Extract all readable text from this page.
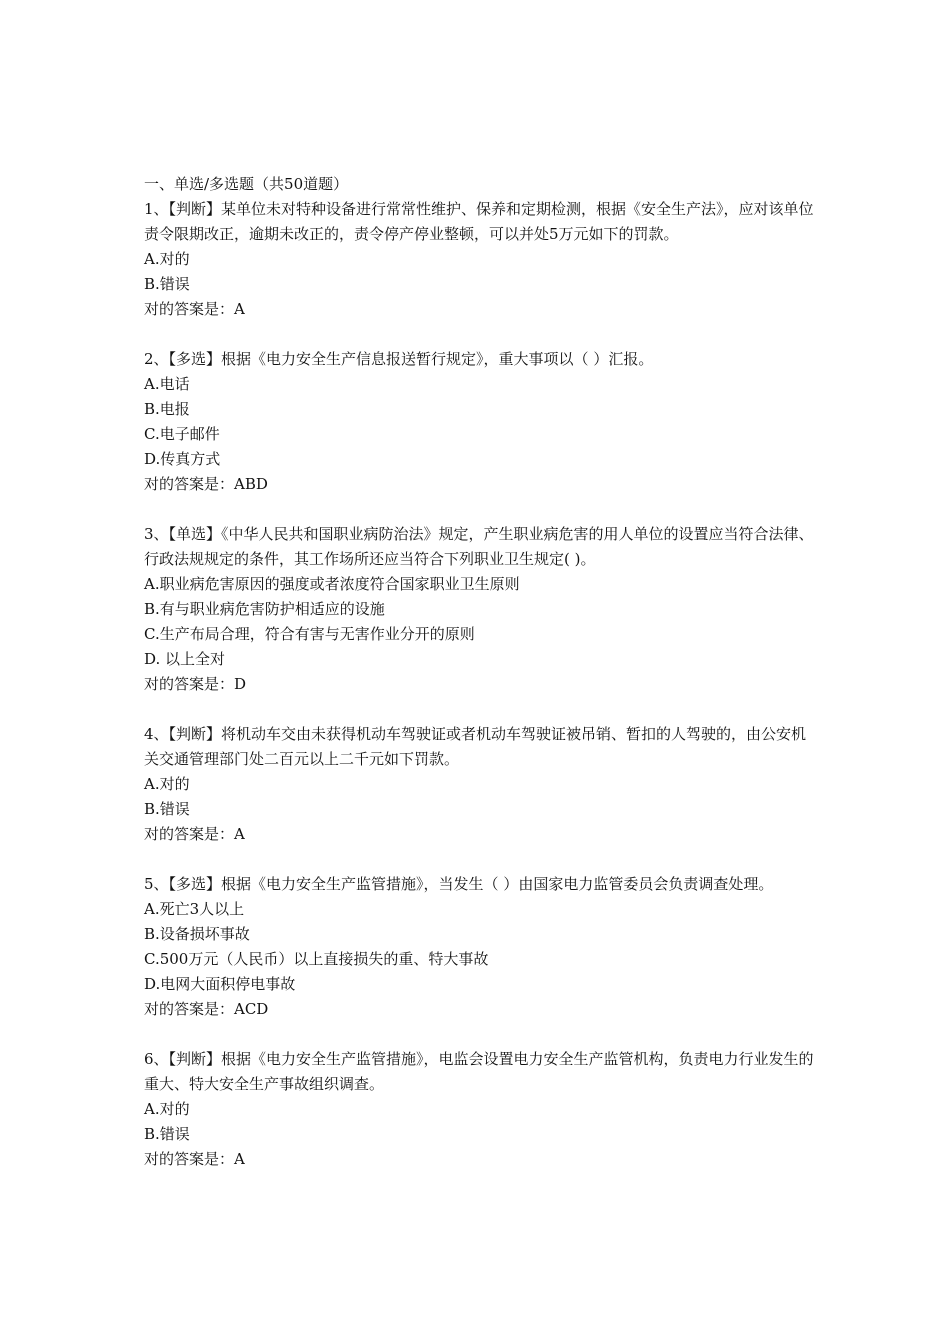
一、单选/多选题（共50道题）

1、【判断】某单位未对特种设备进行常常性维护、保养和定期检测，根据《安全生产法》，应对该单位责令限期改正，逾期未改正的，责令停产停业整顿，可以并处5万元如下的罚款。

A.对的

B.错误

对的答案是：A

2、【多选】根据《电力安全生产信息报送暂行规定》，重大事项以（ ）汇报。

A.电话

B.电报

C.电子邮件

D.传真方式

对的答案是：ABD

3、【单选】《中华人民共和国职业病防治法》规定，产生职业病危害的用人单位的设置应当符合法律、行政法规规定的条件，其工作场所还应当符合下列职业卫生规定( )。

A.职业病危害原因的强度或者浓度符合国家职业卫生原则

B.有与职业病危害防护相适应的设施

C.生产布局合理，符合有害与无害作业分开的原则

D. 以上全对

对的答案是：D

4、【判断】将机动车交由未获得机动车驾驶证或者机动车驾驶证被吊销、暂扣的人驾驶的，由公安机关交通管理部门处二百元以上二千元如下罚款。

A.对的

B.错误

对的答案是：A

5、【多选】根据《电力安全生产监管措施》，当发生（ ）由国家电力监管委员会负责调查处理。

A.死亡3人以上

B.设备损坏事故

C.500万元（人民币）以上直接损失的重、特大事故

D.电网大面积停电事故

对的答案是：ACD

6、【判断】根据《电力安全生产监管措施》，电监会设置电力安全生产监管机构，负责电力行业发生的重大、特大安全生产事故组织调查。

A.对的

B.错误

对的答案是：A
